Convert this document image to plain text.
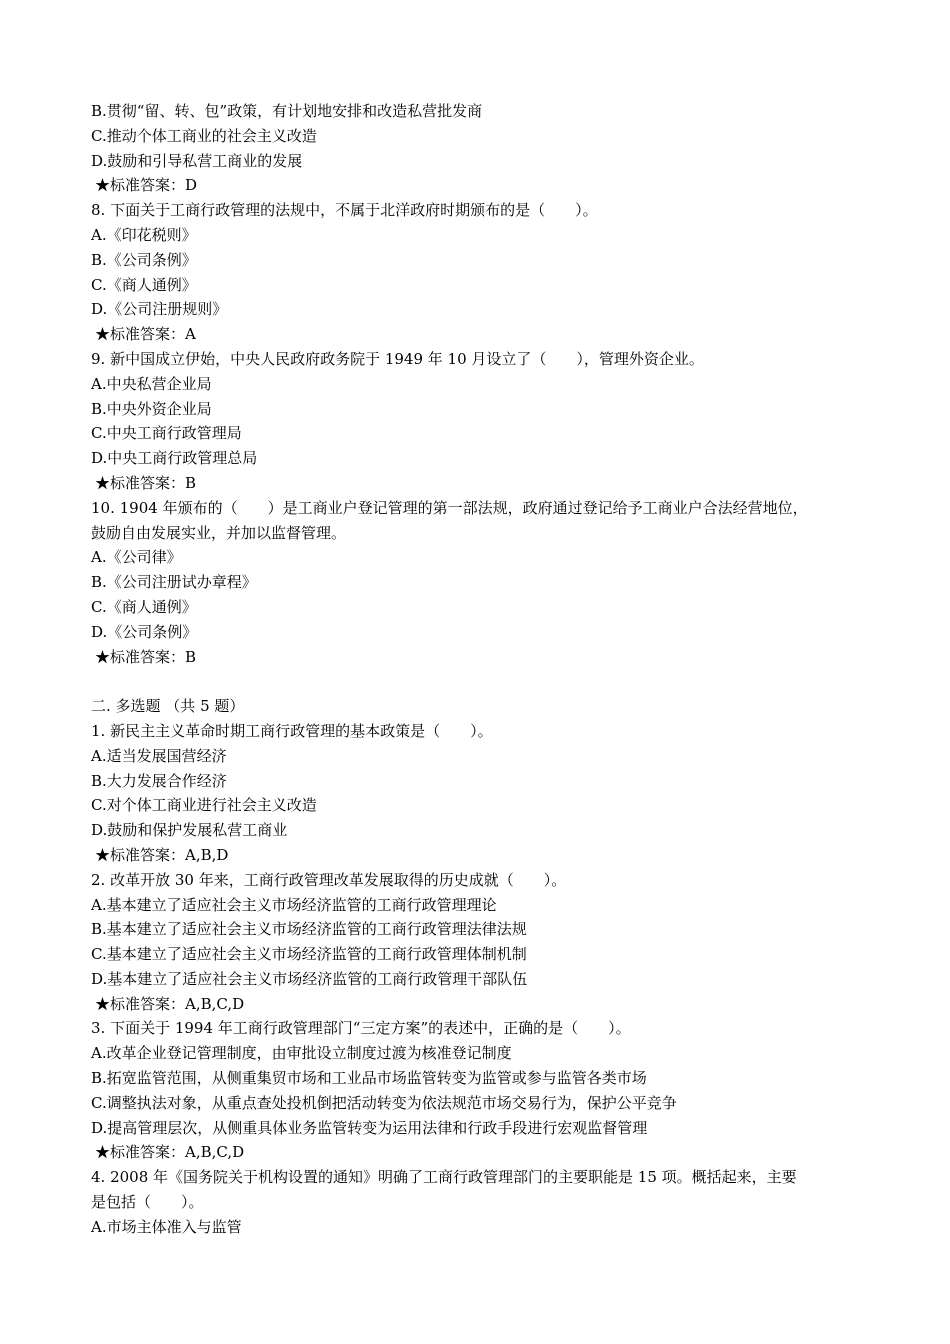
B.贯彻“留、转、包”政策，有计划地安排和改造私营批发商
C.推动个体工商业的社会主义改造
D.鼓励和引导私营工商业的发展
★标准答案：D
8. 下面关于工商行政管理的法规中，不属于北洋政府时期颁布的是（　　）。
A.《印花税则》
B.《公司条例》
C.《商人通例》
D.《公司注册规则》
★标准答案：A
9. 新中国成立伊始，中央人民政府政务院于 1949 年 10 月设立了（　　），管理外资企业。
A.中央私营企业局
B.中央外资企业局
C.中央工商行政管理局
D.中央工商行政管理总局
★标准答案：B
10. 1904 年颁布的（　　）是工商业户登记管理的第一部法规，政府通过登记给予工商业户合法经营地位，
鼓励自由发展实业，并加以监督管理。
A.《公司律》
B.《公司注册试办章程》
C.《商人通例》
D.《公司条例》
★标准答案：B
二. 多选题 （共 5 题）
1. 新民主主义革命时期工商行政管理的基本政策是（　　）。
A.适当发展国营经济
B.大力发展合作经济
C.对个体工商业进行社会主义改造
D.鼓励和保护发展私营工商业
★标准答案：A,B,D
2. 改革开放 30 年来，工商行政管理改革发展取得的历史成就（　　）。
A.基本建立了适应社会主义市场经济监管的工商行政管理理论
B.基本建立了适应社会主义市场经济监管的工商行政管理法律法规
C.基本建立了适应社会主义市场经济监管的工商行政管理体制机制
D.基本建立了适应社会主义市场经济监管的工商行政管理干部队伍
★标准答案：A,B,C,D
3. 下面关于 1994 年工商行政管理部门“三定方案”的表述中，正确的是（　　）。
A.改革企业登记管理制度，由审批设立制度过渡为核准登记制度
B.拓宽监管范围，从侧重集贸市场和工业品市场监管转变为监管或参与监管各类市场
C.调整执法对象，从重点查处投机倒把活动转变为依法规范市场交易行为，保护公平竞争
D.提高管理层次，从侧重具体业务监管转变为运用法律和行政手段进行宏观监督管理
★标准答案：A,B,C,D
4. 2008 年《国务院关于机构设置的通知》明确了工商行政管理部门的主要职能是 15 项。概括起来，主要
是包括（　　）。
A.市场主体准入与监管
